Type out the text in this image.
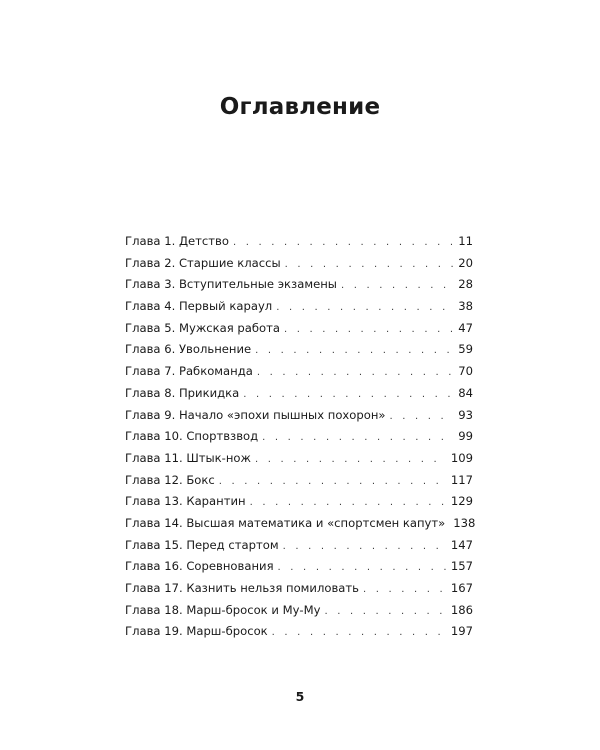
Оглавление
Глава 1. Детство . . .	11
Глава 2. Старшие классы . . .	20
Глава 3. Вступительные экзамены . . .	28
Глава 4. Первый караул . . .	38
Глава 5. Мужская работа . . .	47
Глава 6. Увольнение . . .	59
Глава 7. Рабкоманда . . .	70
Глава 8. Прикидка . . .	84
Глава 9. Начало «эпохи пышных похорон» . . .	93
Глава 10. Спортвзвод . . .	99
Глава 11. Штык-нож . . .	109
Глава 12. Бокс . . .	117
Глава 13. Карантин . . .	129
Глава 14. Высшая математика и «спортсмен капут» 138
Глава 15. Перед стартом . . .	147
Глава 16. Соревнования . . .	157
Глава 17. Казнить нельзя помиловать . . .	167
Глава 18. Марш-бросок и Му-Му . . .	186
Глава 19. Марш-бросок . . .	197
5
